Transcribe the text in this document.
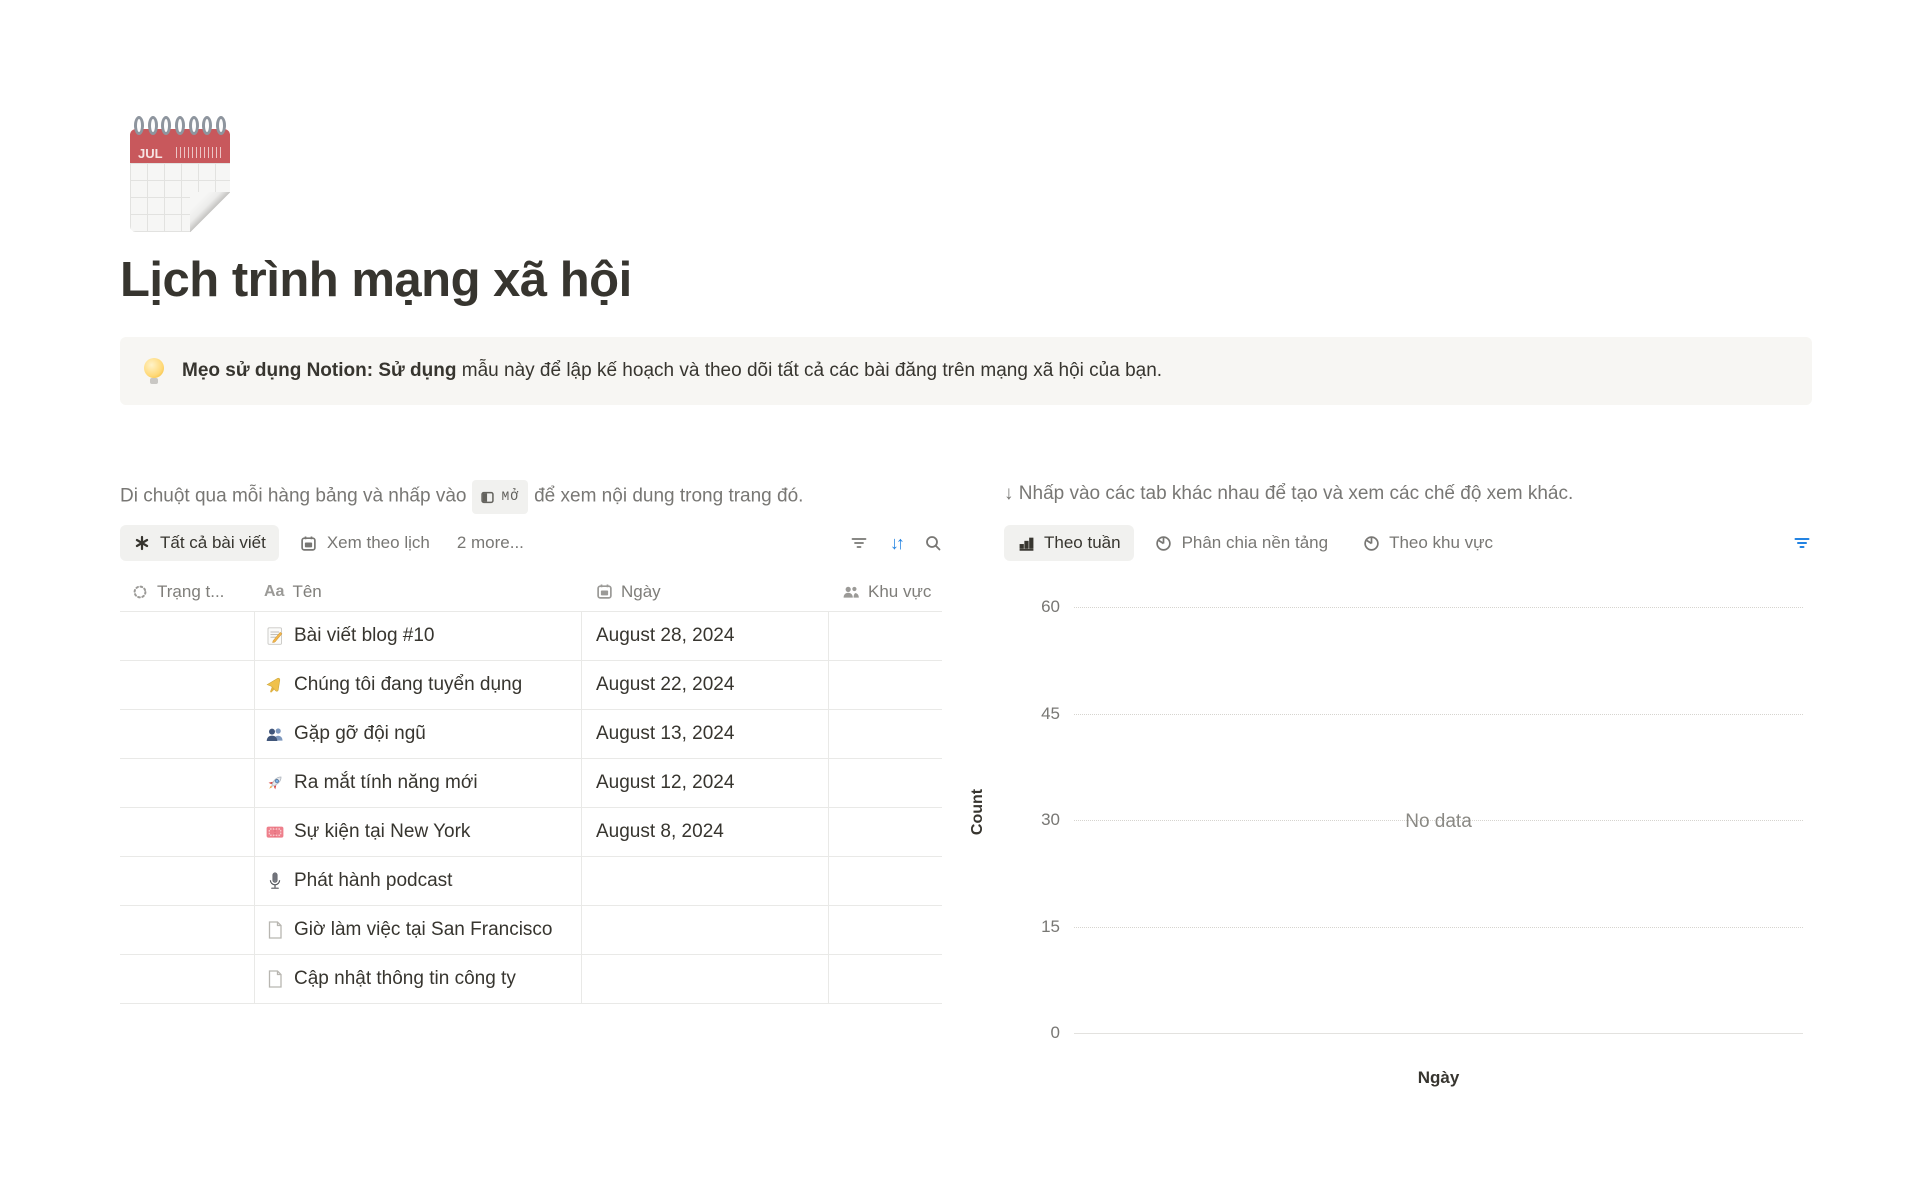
JUL
Lịch trình mạng xã hội
Mẹo sử dụng Notion: Sử dụng mẫu này để lập kế hoạch và theo dõi tất cả các bài đăng trên mạng xã hội của bạn.
Di chuột qua mỗi hàng bảng và nhấp vào	MỞ để xem nội dung trong trang đó.
Tất cả bài viết	Xem theo lịch 2 more...	↓↑
Trạng t... Aa Tên	Ngày	Khu vực
Bài viết blog #10	August 28, 2024
Chúng tôi đang tuyển dụng	August 22, 2024
Gặp gỡ đội ngũ	August 13, 2024
Ra mắt tính năng mới	August 12, 2024
Sự kiện tại New York	August 8, 2024
Phát hành podcast
Giờ làm việc tại San Francisco
Cập nhật thông tin công ty
↓ Nhấp vào các tab khác nhau để tạo và xem các chế độ xem khác.
Theo tuần	Phân chia nền tảng	Theo khu vực
Count
60
45
30
15
0
No data
Ngày
